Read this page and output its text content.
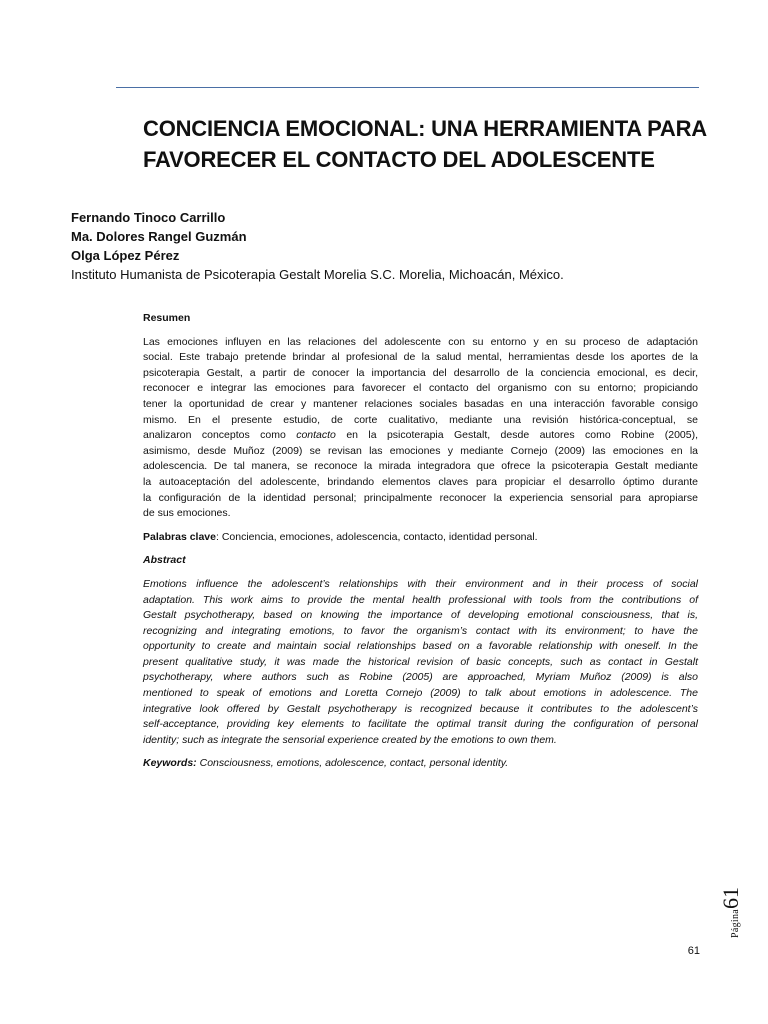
CONCIENCIA EMOCIONAL: UNA HERRAMIENTA PARA
FAVORECER EL CONTACTO DEL ADOLESCENTE
Fernando Tinoco Carrillo
Ma. Dolores Rangel Guzmán
Olga López Pérez
Instituto Humanista de Psicoterapia Gestalt Morelia S.C. Morelia, Michoacán, México.
Resumen
Las emociones influyen en las relaciones del adolescente con su entorno y en su proceso de adaptación
social. Este trabajo pretende brindar al profesional de la salud mental, herramientas desde los aportes de la
psicoterapia Gestalt, a partir de conocer la importancia del desarrollo de la conciencia emocional, es decir,
reconocer e integrar las emociones para favorecer el contacto del organismo con su entorno; propiciando
tener la oportunidad de crear y mantener relaciones sociales basadas en una interacción favorable consigo
mismo. En el presente estudio, de corte cualitativo, mediante una revisión histórica-conceptual, se
analizaron conceptos como contacto en la psicoterapia Gestalt, desde autores como Robine (2005),
asimismo, desde Muñoz (2009) se revisan las emociones y mediante Cornejo (2009) las emociones en la
adolescencia. De tal manera, se reconoce la mirada integradora que ofrece la psicoterapia Gestalt mediante
la autoaceptación del adolescente, brindando elementos claves para propiciar el desarrollo óptimo durante
la configuración de la identidad personal; principalmente reconocer la experiencia sensorial para apropiarse
de sus emociones.
Palabras clave: Conciencia, emociones, adolescencia, contacto, identidad personal.
Abstract
Emotions influence the adolescent’s relationships with their environment and in their process of social
adaptation. This work aims to provide the mental health professional with tools from the contributions of
Gestalt psychotherapy, based on knowing the importance of developing emotional consciousness, that is,
recognizing and integrating emotions, to favor the organism’s contact with its environment; to have the
opportunity to create and maintain social relationships based on a favorable relationship with oneself. In the
present qualitative study, it was made the historical revision of basic concepts, such as contact in Gestalt
psychotherapy, where authors such as Robine (2005) are approached, Myriam Muñoz (2009) is also
mentioned to speak of emotions and Loretta Cornejo (2009) to talk about emotions in adolescence. The
integrative look offered by Gestalt psychotherapy is recognized because it contributes to the adolescent’s
self-acceptance, providing key elements to facilitate the optimal transit during the configuration of personal
identity; such as integrate the sensorial experience created by the emotions to own them.
Keywords: Consciousness, emotions, adolescence, contact, personal identity.
Página61
61
